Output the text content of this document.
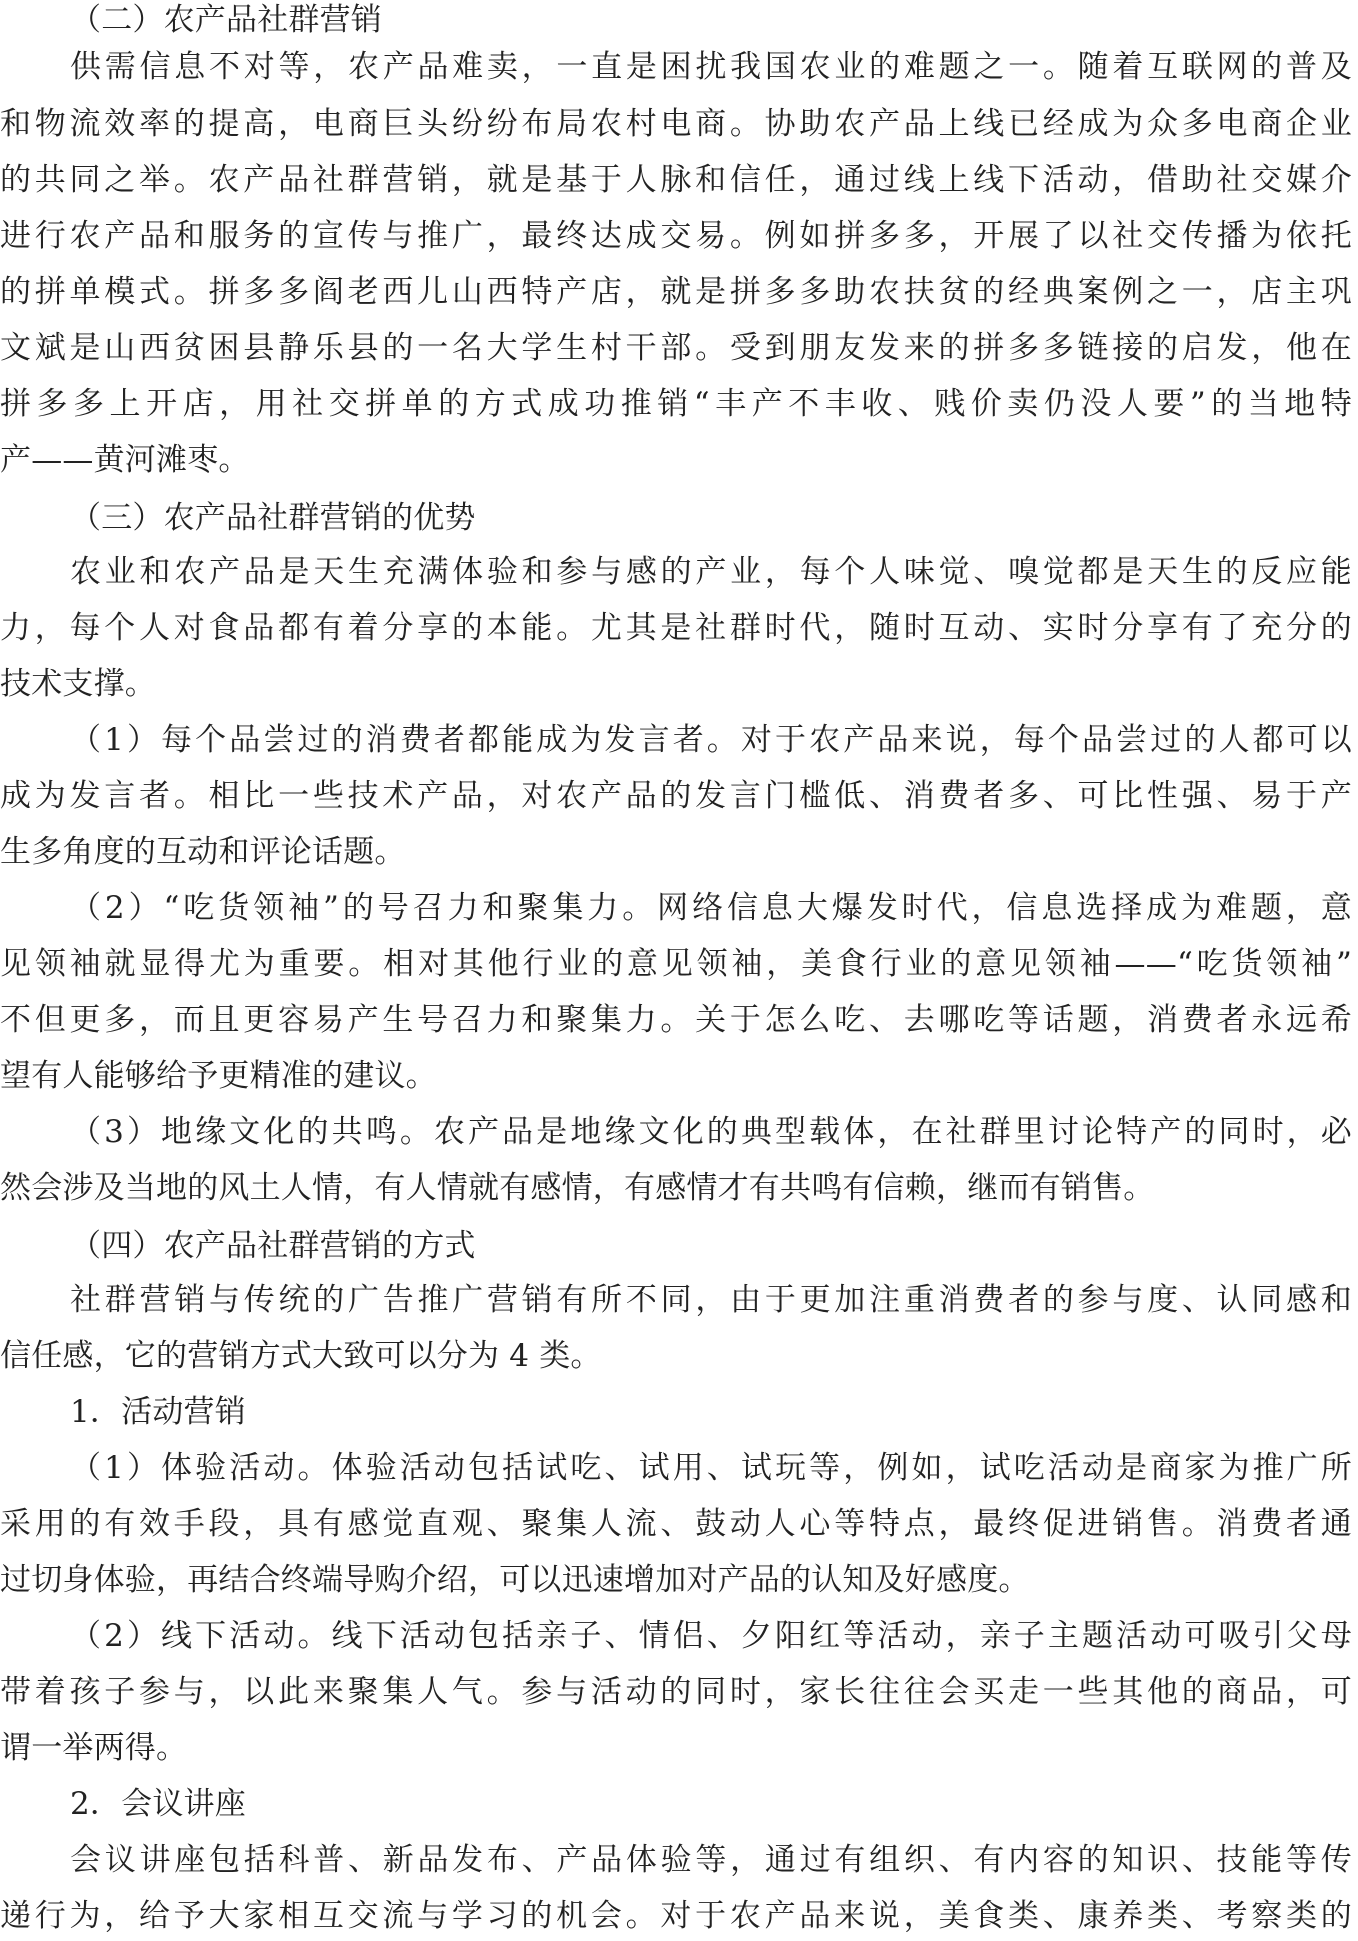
（二）农产品社群营销
供需信息不对等，农产品难卖，一直是困扰我国农业的难题之一。随着互联网的普及
和物流效率的提高，电商巨头纷纷布局农村电商。协助农产品上线已经成为众多电商企业
的共同之举。农产品社群营销，就是基于人脉和信任，通过线上线下活动，借助社交媒介
进行农产品和服务的宣传与推广，最终达成交易。例如拼多多，开展了以社交传播为依托
的拼单模式。拼多多阎老西儿山西特产店，就是拼多多助农扶贫的经典案例之一，店主巩
文斌是山西贫困县静乐县的一名大学生村干部。受到朋友发来的拼多多链接的启发，他在
拼多多上开店，用社交拼单的方式成功推销“丰产不丰收、贱价卖仍没人要”的当地特
产——黄河滩枣。
（三）农产品社群营销的优势
农业和农产品是天生充满体验和参与感的产业，每个人味觉、嗅觉都是天生的反应能
力，每个人对食品都有着分享的本能。尤其是社群时代，随时互动、实时分享有了充分的
技术支撑。
（1）每个品尝过的消费者都能成为发言者。对于农产品来说，每个品尝过的人都可以
成为发言者。相比一些技术产品，对农产品的发言门槛低、消费者多、可比性强、易于产
生多角度的互动和评论话题。
（2）“吃货领袖”的号召力和聚集力。网络信息大爆发时代，信息选择成为难题，意
见领袖就显得尤为重要。相对其他行业的意见领袖，美食行业的意见领袖——“吃货领袖”
不但更多，而且更容易产生号召力和聚集力。关于怎么吃、去哪吃等话题，消费者永远希
望有人能够给予更精准的建议。
（3）地缘文化的共鸣。农产品是地缘文化的典型载体，在社群里讨论特产的同时，必
然会涉及当地的风土人情，有人情就有感情，有感情才有共鸣有信赖，继而有销售。
（四）农产品社群营销的方式
社群营销与传统的广告推广营销有所不同，由于更加注重消费者的参与度、认同感和
信任感，它的营销方式大致可以分为 4 类。
1．活动营销
（1）体验活动。体验活动包括试吃、试用、试玩等，例如，试吃活动是商家为推广所
采用的有效手段，具有感觉直观、聚集人流、鼓动人心等特点，最终促进销售。消费者通
过切身体验，再结合终端导购介绍，可以迅速增加对产品的认知及好感度。
（2）线下活动。线下活动包括亲子、情侣、夕阳红等活动，亲子主题活动可吸引父母
带着孩子参与，以此来聚集人气。参与活动的同时，家长往往会买走一些其他的商品，可
谓一举两得。
2．会议讲座
会议讲座包括科普、新品发布、产品体验等，通过有组织、有内容的知识、技能等传
递行为，给予大家相互交流与学习的机会。对于农产品来说，美食类、康养类、考察类的
